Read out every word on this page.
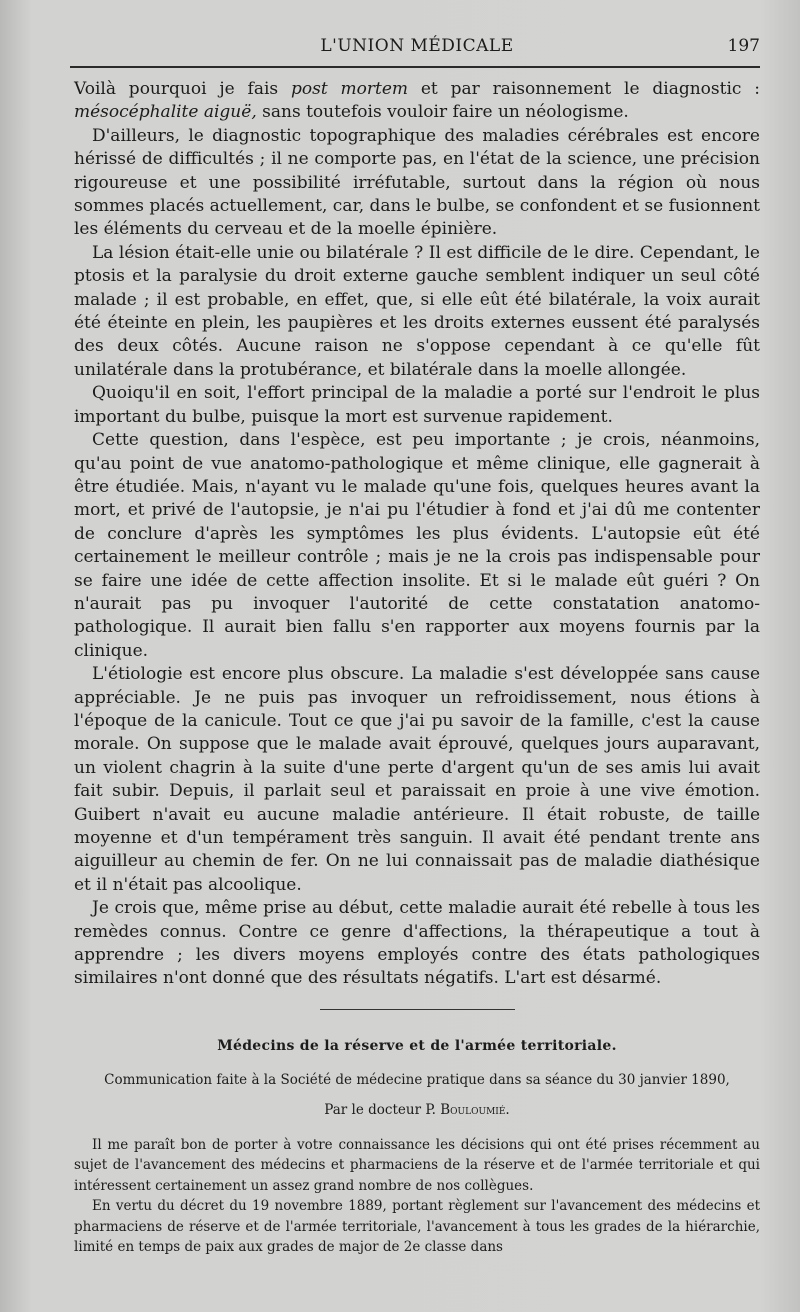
L'UNION MÉDICALE	197

Voilà pourquoi je fais post mortem et par raisonnement le diagnostic : mésocéphalite aiguë, sans toutefois vouloir faire un néologisme.

D'ailleurs, le diagnostic topographique des maladies cérébrales est encore hérissé de difficultés ; il ne comporte pas, en l'état de la science, une précision rigoureuse et une possibilité irréfutable, surtout dans la région où nous sommes placés actuellement, car, dans le bulbe, se confondent et se fusionnent les éléments du cerveau et de la moelle épinière.

La lésion était-elle unie ou bilatérale ? Il est difficile de le dire. Cependant, le ptosis et la paralysie du droit externe gauche semblent indiquer un seul côté malade ; il est probable, en effet, que, si elle eût été bilatérale, la voix aurait été éteinte en plein, les paupières et les droits externes eussent été paralysés des deux côtés. Aucune raison ne s'oppose cependant à ce qu'elle fût unilatérale dans la protubérance, et bilatérale dans la moelle allongée.

Quoiqu'il en soit, l'effort principal de la maladie a porté sur l'endroit le plus important du bulbe, puisque la mort est survenue rapidement.

Cette question, dans l'espèce, est peu importante ; je crois, néanmoins, qu'au point de vue anatomo-pathologique et même clinique, elle gagnerait à être étudiée. Mais, n'ayant vu le malade qu'une fois, quelques heures avant la mort, et privé de l'autopsie, je n'ai pu l'étudier à fond et j'ai dû me contenter de conclure d'après les symptômes les plus évidents. L'autopsie eût été certainement le meilleur contrôle ; mais je ne la crois pas indispensable pour se faire une idée de cette affection insolite. Et si le malade eût guéri ? On n'aurait pas pu invoquer l'autorité de cette constatation anatomo-pathologique. Il aurait bien fallu s'en rapporter aux moyens fournis par la clinique.

L'étiologie est encore plus obscure. La maladie s'est développée sans cause appréciable. Je ne puis pas invoquer un refroidissement, nous étions à l'époque de la canicule. Tout ce que j'ai pu savoir de la famille, c'est la cause morale. On suppose que le malade avait éprouvé, quelques jours auparavant, un violent chagrin à la suite d'une perte d'argent qu'un de ses amis lui avait fait subir. Depuis, il parlait seul et paraissait en proie à une vive émotion. Guibert n'avait eu aucune maladie antérieure. Il était robuste, de taille moyenne et d'un tempérament très sanguin. Il avait été pendant trente ans aiguilleur au chemin de fer. On ne lui connaissait pas de maladie diathésique et il n'était pas alcoolique.

Je crois que, même prise au début, cette maladie aurait été rebelle à tous les remèdes connus. Contre ce genre d'affections, la thérapeutique a tout à apprendre ; les divers moyens employés contre des états pathologiques similaires n'ont donné que des résultats négatifs. L'art est désarmé.

Médecins de la réserve et de l'armée territoriale.

Communication faite à la Société de médecine pratique dans sa séance du 30 janvier 1890,

Par le docteur P. Bouloumié.

Il me paraît bon de porter à votre connaissance les décisions qui ont été prises récemment au sujet de l'avancement des médecins et pharmaciens de la réserve et de l'armée territoriale et qui intéressent certainement un assez grand nombre de nos collègues.

En vertu du décret du 19 novembre 1889, portant règlement sur l'avancement des médecins et pharmaciens de réserve et de l'armée territoriale, l'avancement à tous les grades de la hiérarchie, limité en temps de paix aux grades de major de 2e classe dans
